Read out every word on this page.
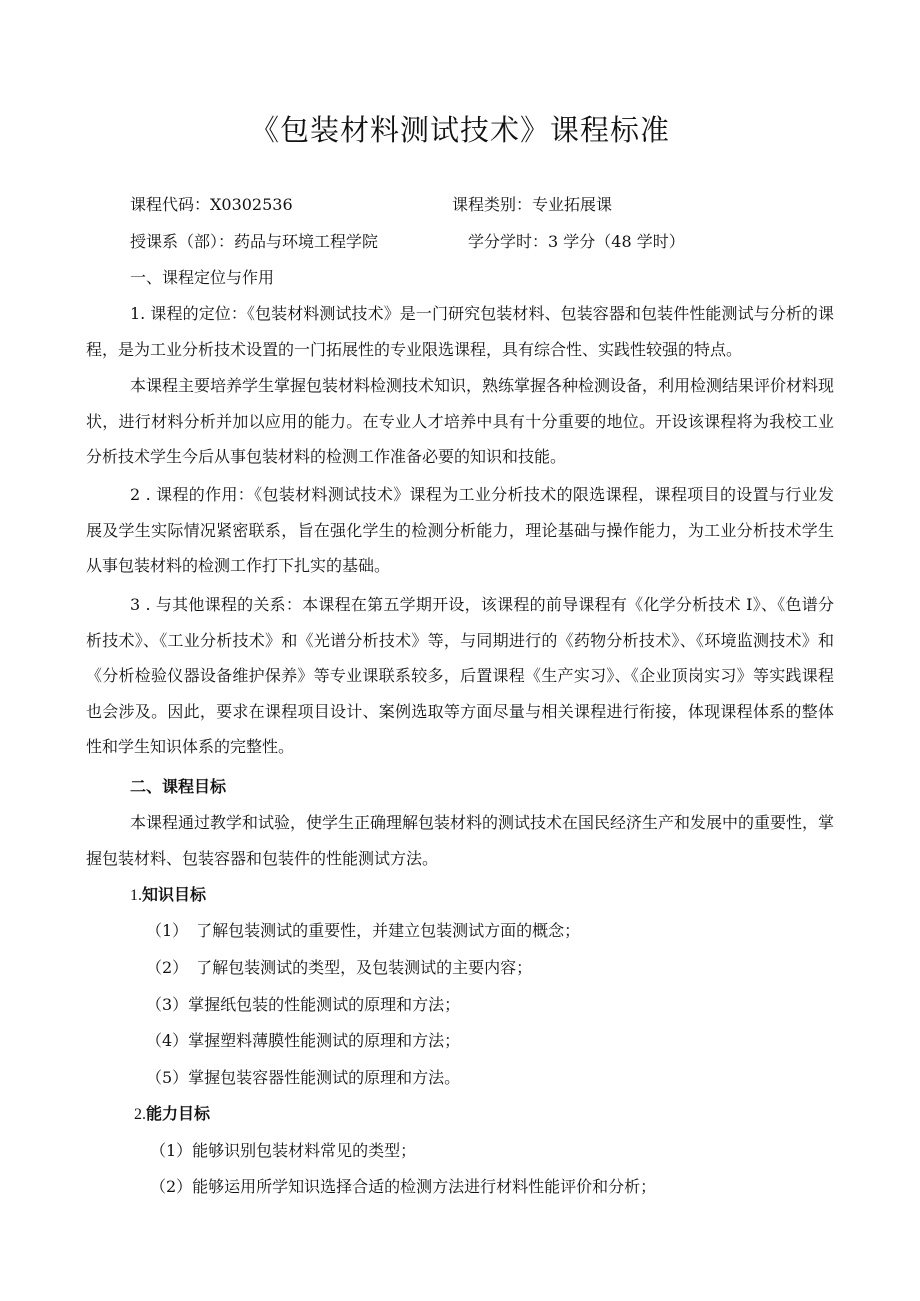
《包装材料测试技术》课程标准
课程代码：X0302536	课程类别：专业拓展课
授课系（部）：药品与环境工程学院	学分学时：3 学分（48 学时）
一、课程定位与作用
1. 课程的定位：《包装材料测试技术》是一门研究包装材料、包装容器和包装件性能测试与分析的课程，是为工业分析技术设置的一门拓展性的专业限选课程，具有综合性、实践性较强的特点。
本课程主要培养学生掌握包装材料检测技术知识，熟练掌握各种检测设备，利用检测结果评价材料现状，进行材料分析并加以应用的能力。在专业人才培养中具有十分重要的地位。开设该课程将为我校工业分析技术学生今后从事包装材料的检测工作准备必要的知识和技能。
2 . 课程的作用：《包装材料测试技术》课程为工业分析技术的限选课程，课程项目的设置与行业发展及学生实际情况紧密联系，旨在强化学生的检测分析能力，理论基础与操作能力，为工业分析技术学生从事包装材料的检测工作打下扎实的基础。
3 . 与其他课程的关系：本课程在第五学期开设，该课程的前导课程有《化学分析技术 I》、《色谱分析技术》、《工业分析技术》和《光谱分析技术》等，与同期进行的《药物分析技术》、《环境监测技术》和《分析检验仪器设备维护保养》等专业课联系较多，后置课程《生产实习》、《企业顶岗实习》等实践课程也会涉及。因此，要求在课程项目设计、案例选取等方面尽量与相关课程进行衔接，体现课程体系的整体性和学生知识体系的完整性。
二、课程目标
本课程通过教学和试验，使学生正确理解包装材料的测试技术在国民经济生产和发展中的重要性，掌握包装材料、包装容器和包装件的性能测试方法。
1.知识目标
（1）　了解包装测试的重要性，并建立包装测试方面的概念；
（2）　了解包装测试的类型，及包装测试的主要内容；
（3）掌握纸包装的性能测试的原理和方法；
（4）掌握塑料薄膜性能测试的原理和方法；
（5）掌握包装容器性能测试的原理和方法。
2.能力目标
（1）能够识别包装材料常见的类型；
（2）能够运用所学知识选择合适的检测方法进行材料性能评价和分析；
